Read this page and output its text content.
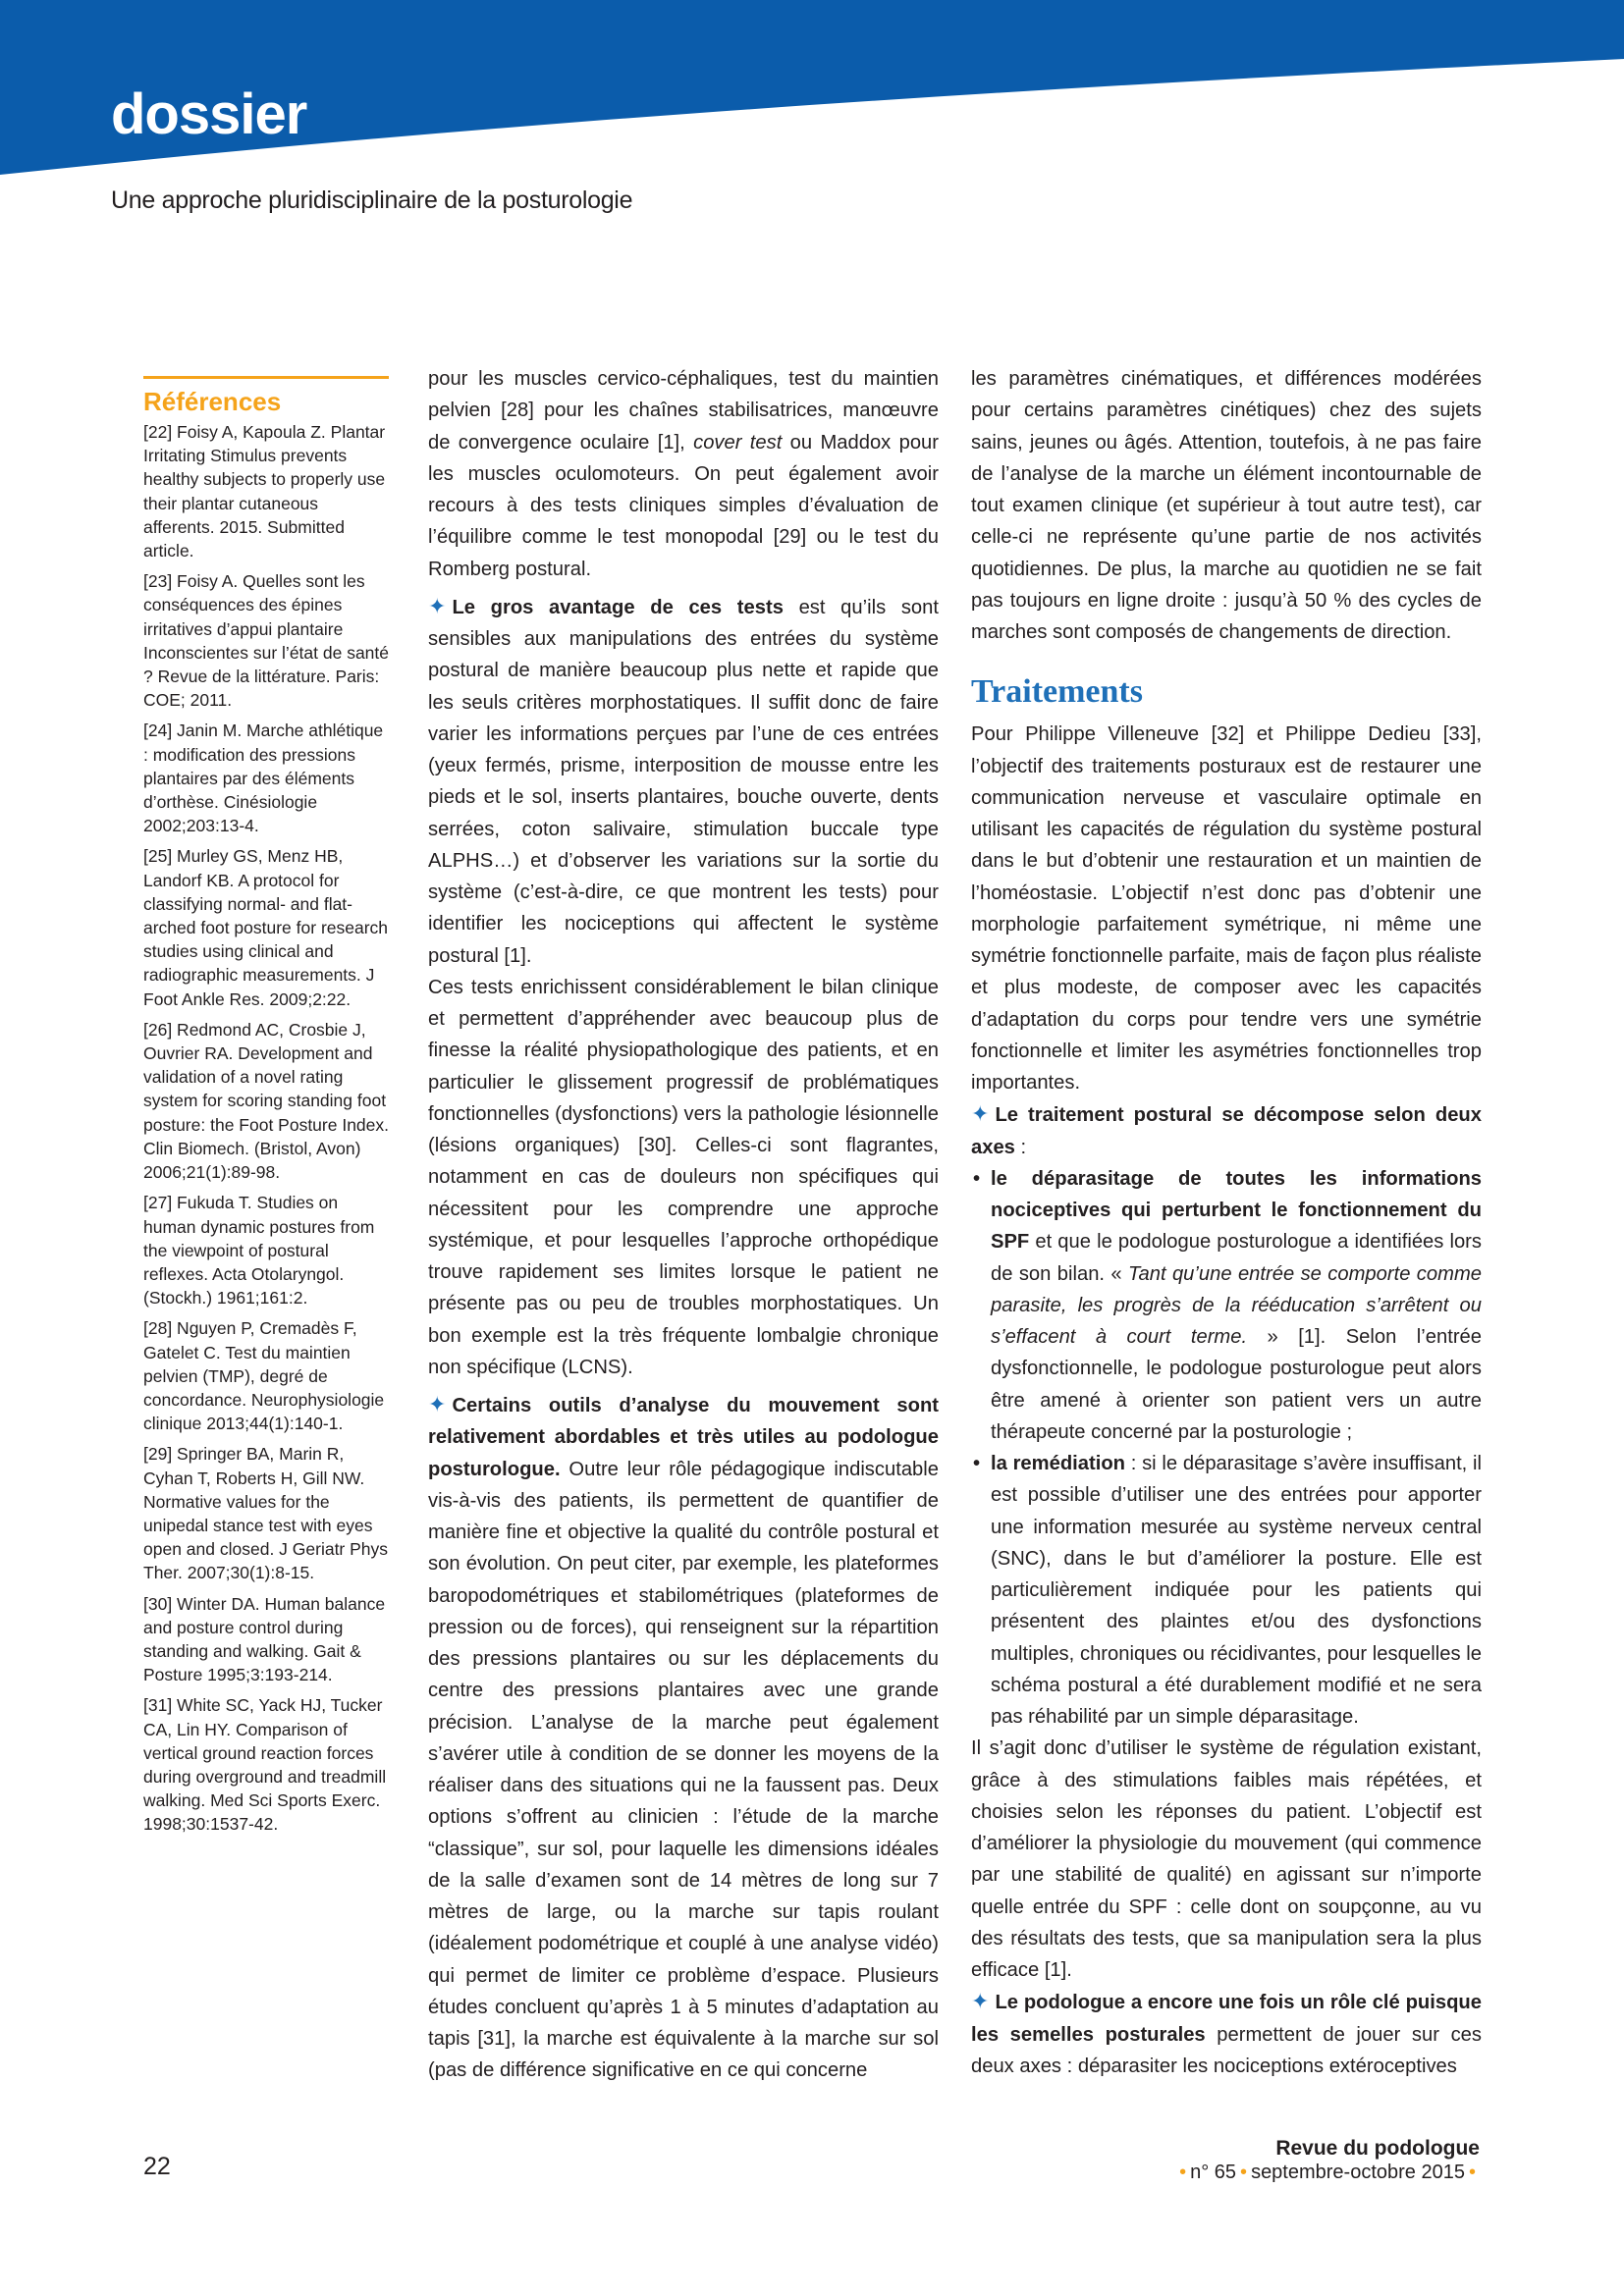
dossier
Une approche pluridisciplinaire de la posturologie
Références
[22] Foisy A, Kapoula Z. Plantar Irritating Stimulus prevents healthy subjects to properly use their plantar cutaneous afferents. 2015. Submitted article.
[23] Foisy A. Quelles sont les conséquences des épines irritatives d’appui plantaire Inconscientes sur l’état de santé ? Revue de la littérature. Paris: COE; 2011.
[24] Janin M. Marche athlétique : modification des pressions plantaires par des éléments d’orthèse. Cinésiologie 2002;203:13-4.
[25] Murley GS, Menz HB, Landorf KB. A protocol for classifying normal- and flat-arched foot posture for research studies using clinical and radiographic measurements. J Foot Ankle Res. 2009;2:22.
[26] Redmond AC, Crosbie J, Ouvrier RA. Development and validation of a novel rating system for scoring standing foot posture: the Foot Posture Index. Clin Biomech. (Bristol, Avon) 2006;21(1):89-98.
[27] Fukuda T. Studies on human dynamic postures from the viewpoint of postural reflexes. Acta Otolaryngol. (Stockh.) 1961;161:2.
[28] Nguyen P, Cremadès F, Gatelet C. Test du maintien pelvien (TMP), degré de concordance. Neurophysiologie clinique 2013;44(1):140-1.
[29] Springer BA, Marin R, Cyhan T, Roberts H, Gill NW. Normative values for the unipedal stance test with eyes open and closed. J Geriatr Phys Ther. 2007;30(1):8-15.
[30] Winter DA. Human balance and posture control during standing and walking. Gait & Posture 1995;3:193-214.
[31] White SC, Yack HJ, Tucker CA, Lin HY. Comparison of vertical ground reaction forces during overground and treadmill walking. Med Sci Sports Exerc. 1998;30:1537-42.

pour les muscles cervico-céphaliques, test du maintien pelvien [28] pour les chaînes stabilisatrices, manœuvre de convergence oculaire [1], cover test ou Maddox pour les muscles oculomoteurs. On peut également avoir recours à des tests cliniques simples d’évaluation de l’équilibre comme le test monopodal [29] ou le test du Romberg postural.

✦ Le gros avantage de ces tests est qu’ils sont sensibles aux manipulations des entrées du système postural de manière beaucoup plus nette et rapide que les seuls critères morphostatiques. Il suffit donc de faire varier les informations perçues par l’une de ces entrées (yeux fermés, prisme, interposition de mousse entre les pieds et le sol, inserts plantaires, bouche ouverte, dents serrées, coton salivaire, stimulation buccale type ALPHS…) et d’observer les variations sur la sortie du système (c’est-à-dire, ce que montrent les tests) pour identifier les nociceptions qui affectent le système postural [1].

Ces tests enrichissent considérablement le bilan clinique et permettent d’appréhender avec beaucoup plus de finesse la réalité physiopathologique des patients, et en particulier le glissement progressif de problématiques fonctionnelles (dysfonctions) vers la pathologie lésionnelle (lésions organiques) [30]. Celles-ci sont flagrantes, notamment en cas de douleurs non spécifiques qui nécessitent pour les comprendre une approche systémique, et pour lesquelles l’approche orthopédique trouve rapidement ses limites lorsque le patient ne présente pas ou peu de troubles morphostatiques. Un bon exemple est la très fréquente lombalgie chronique non spécifique (LCNS).

✦ Certains outils d’analyse du mouvement sont relativement abordables et très utiles au podologue posturologue. Outre leur rôle pédagogique indiscutable vis-à-vis des patients, ils permettent de quantifier de manière fine et objective la qualité du contrôle postural et son évolution. On peut citer, par exemple, les plateformes baropodométriques et stabilométriques (plateformes de pression ou de forces), qui renseignent sur la répartition des pressions plantaires ou sur les déplacements du centre des pressions plantaires avec une grande précision. L’analyse de la marche peut également s’avérer utile à condition de se donner les moyens de la réaliser dans des situations qui ne la faussent pas. Deux options s’offrent au clinicien : l’étude de la marche “classique”, sur sol, pour laquelle les dimensions idéales de la salle d’examen sont de 14 mètres de long sur 7 mètres de large, ou la marche sur tapis roulant (idéalement podométrique et couplé à une analyse vidéo) qui permet de limiter ce problème d’espace. Plusieurs études concluent qu’après 1 à 5 minutes d’adaptation au tapis [31], la marche est équivalente à la marche sur sol (pas de différence significative en ce qui concerne

les paramètres cinématiques, et différences modérées pour certains paramètres cinétiques) chez des sujets sains, jeunes ou âgés. Attention, toutefois, à ne pas faire de l’analyse de la marche un élément incontournable de tout examen clinique (et supérieur à tout autre test), car celle-ci ne représente qu’une partie de nos activités quotidiennes. De plus, la marche au quotidien ne se fait pas toujours en ligne droite : jusqu’à 50 % des cycles de marches sont composés de changements de direction.

Traitements

Pour Philippe Villeneuve [32] et Philippe Dedieu [33], l’objectif des traitements posturaux est de restaurer une communication nerveuse et vasculaire optimale en utilisant les capacités de régulation du système postural dans le but d’obtenir une restauration et un maintien de l’homéostasie. L’objectif n’est donc pas d’obtenir une morphologie parfaitement symétrique, ni même une symétrie fonctionnelle parfaite, mais de façon plus réaliste et plus modeste, de composer avec les capacités d’adaptation du corps pour tendre vers une symétrie fonctionnelle et limiter les asymétries fonctionnelles trop importantes.

✦ Le traitement postural se décompose selon deux axes :

• le déparasitage de toutes les informations nociceptives qui perturbent le fonctionnement du SPF et que le podologue posturologue a identifiées lors de son bilan. « Tant qu’une entrée se comporte comme parasite, les progrès de la rééducation s’arrêtent ou s’effacent à court terme. » [1]. Selon l’entrée dysfonctionnelle, le podologue posturologue peut alors être amené à orienter son patient vers un autre thérapeute concerné par la posturologie ;
• la remédiation : si le déparasitage s’avère insuffisant, il est possible d’utiliser une des entrées pour apporter une information mesurée au système nerveux central (SNC), dans le but d’améliorer la posture. Elle est particulièrement indiquée pour les patients qui présentent des plaintes et/ou des dysfonctions multiples, chroniques ou récidivantes, pour lesquelles le schéma postural a été durablement modifié et ne sera pas réhabilité par un simple déparasitage.

Il s’agit donc d’utiliser le système de régulation existant, grâce à des stimulations faibles mais répétées, et choisies selon les réponses du patient. L’objectif est d’améliorer la physiologie du mouvement (qui commence par une stabilité de qualité) en agissant sur n’importe quelle entrée du SPF : celle dont on soupçonne, au vu des résultats des tests, que sa manipulation sera la plus efficace [1].

✦ Le podologue a encore une fois un rôle clé puisque les semelles posturales permettent de jouer sur ces deux axes : déparasiter les nociceptions extéroceptives

22
Revue du podologue
• n° 65 • septembre-octobre 2015 •
